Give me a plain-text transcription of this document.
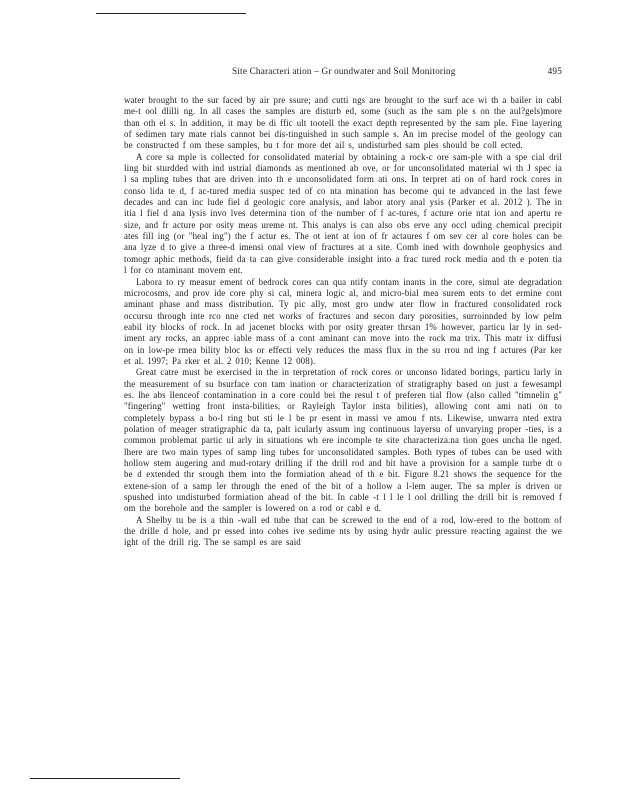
Site Characteri ation – Gr oundwater and Soil Monitoring	495

water brought to the sur faced by air pre ssure; and cutti ngs are brought to the surf ace wi th a bailer in cabl me-t ool dlilli ng. In all cases the samples are disturb ed, some (such as the sam ple s on the aul?gels)more than oth el s. In addition, it may be di ffic ult tootell the exact depth represented by the sam ple. Fine layering of sedimen tary mate rials cannot bei dis-tinguished in such sample s. An im precise model of the geology can be constructed f om these samples, bu t for more det ail s, undisturbed sam ples should be coll ected.

A core sa mple is collected for consolidated material by obtaining a rock-c ore sam-ple with a spe cial dril ling bit sturdded with ind ustrial diamonds as mentioned ab ove, or for unconsolidated material wi th J spec ia l sa mpling tubes that are driven into th e unconsolidated form ati ons. In terpret ati on of hard rock cores in conso lida te d, f ac-tured media suspec ted of co nta mination has become qui te advanced in the last fewe decades and can inc lude fiel d geologic core analysis, and labor atory anal ysis (Parker et al. 2012 ). The in itia l fiel d ana lysis invo lves determina tion of the number of f ac-tures, f acture orie ntat ion and apertu re size, and fr acture por osity meas ureme nt. This analys is can also obs erve any occl uding chemical precipit ates fill ing (or "heal ing") the f actur es. The ot ient at ion of fr actaures f om sev cer al core holes can be ana lyze d to give a three-d imensi onal view of fractures at a site. Comb ined with downhole geophysics and tomogr aphic methods, field da ta can give considerable insight into a frac tured rock media and th e poten tia l for co ntaminant movem ent.

Labora to ry measur ement of bedrock cores can qua ntify contam inants in the core, simul ate degradation microcosms, and prov ide core phy si cal, minera logic al, and micro-bial mea surem ents to det ermine cont aminant phase and mass distribution. Ty pic ally, most gro undw ater flow in fractured consolidated rock occursu through inte rco nne cted net works of fractures and secon dary porosities, surroinnded by low pelm eabil ity blocks of rock. In ad jacenet blocks with por osity greater thrsan 1% however, particu lar ly in sed-iment ary rocks, an apprec iable mass of a cont aminant can move into the rock ma trix. This matr ix diffusi on in low-pe rmea bility bloc ks or effecti vely reduces the mass flux in the su rrou nd ing f actures (Par ker et al. 1997; Pa rker et al. 2 010; Kenne 12 008).

Great catre must be exercised in the in terpretation of rock cores or unconso lidated borings, particu larly in the measurement of su bsurface con tam ination or characterization of stratigraphy based on just a fewesampl es. lhe abs llenceof contamination in a core could bei the resul t of preferen tial flow (also called "timnelin g" "fingering" wetting front insta-bilities, or Rayleigh Taylor insta bilities), allowing cont ami nati on to completely bypass a bo-l ring but sti le l be pr esent in massi ve amou f nts. Likewise, unwarra nted extra polation of meager stratigraphic da ta, palt icularly assum ing continuous layersu of unvarying proper -ties, is a common problemat partic ul arly in situations wh ere incomple te site characteriza.na tion goes uncha lle nged. lhere are two main types of samp ling tubes for unconsolidated samples. Both types of tubes can be used with hollow stem augering and mud-rotary drilling if the drill rod and bit have a provision for a sample turbe dt o be d extended thr srough them into the formiation ahead of th e bit. Figure 8.21 shows the sequence for the extene-sion of a samp ler through the ened of the bit of a hollow a l-lem auger. The sa mpler is driven or spushed into undisturbed formiation ahead of the bit. In cable -t l l le l ool drilling the drill bit is removed f om the borehole and the sampler is lowered on a rod or cabl e d.

A Shelby tu be is a thin -wall ed tube that can be screwed to the end of a rod, low-ered to the bottom of the drille d hole, and pr essed into cohes ive sedime nts by using hydr aulic pressure reacting against the we ight of the drill rig. The se sampl es are said
